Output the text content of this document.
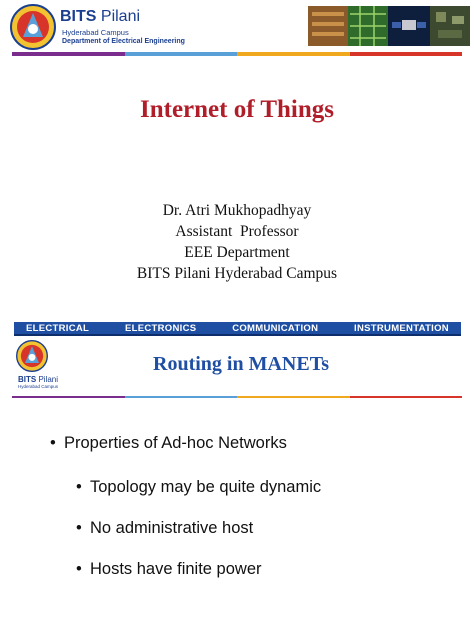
BITS Pilani
Hyderabad Campus
Department of Electrical Engineering
Internet of Things
Dr. Atri Mukhopadhyay
Assistant  Professor
EEE Department
BITS Pilani Hyderabad Campus
ELECTRICAL	ELECTRONICS	COMMUNICATION	INSTRUMENTATION
BITS Pilani
Hyderabad Campus
Routing in MANETs
• Properties of Ad-hoc Networks
• Topology may be quite dynamic
• No administrative host
• Hosts have finite power
